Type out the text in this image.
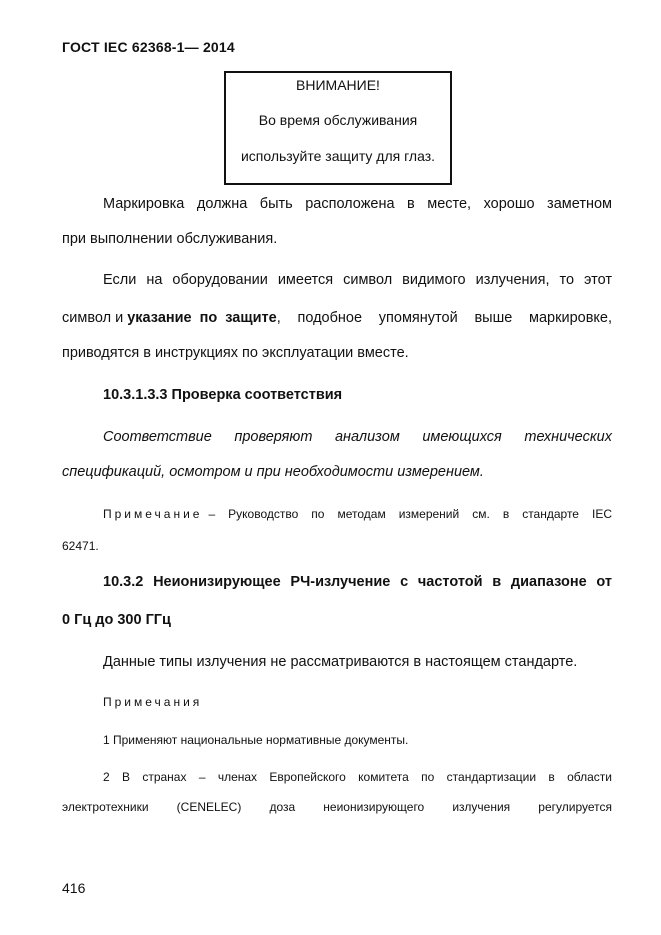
ГОСТ IEC 62368-1— 2014
ВНИМАНИЕ!
Во время обслуживания
используйте защиту для глаз.
Маркировка должна быть расположена в месте, хорошо заметном
при выполнении обслуживания.
Если на оборудовании имеется символ видимого излучения, то этот
символ и указание по защите , подобное упомянутой выше маркировке,
приводятся в инструкциях по эксплуатации вместе.
10.3.1.3.3 Проверка соответствия
Соответствие проверяют анализом имеющихся технических
спецификаций, осмотром и при необходимости измерением.
Примечание – Руководство по методам измерений см. в стандарте IEC
62471.
10.3.2 Неионизирующее РЧ-излучение с частотой в диапазоне от
0 Гц до 300 ГГц
Данные типы излучения не рассматриваются в настоящем стандарте.
Примечания
1 Применяют национальные нормативные документы.
2 В странах – членах Европейского комитета по стандартизации в области
электротехники (CENELEC) доза неионизирующего излучения регулируется
416
